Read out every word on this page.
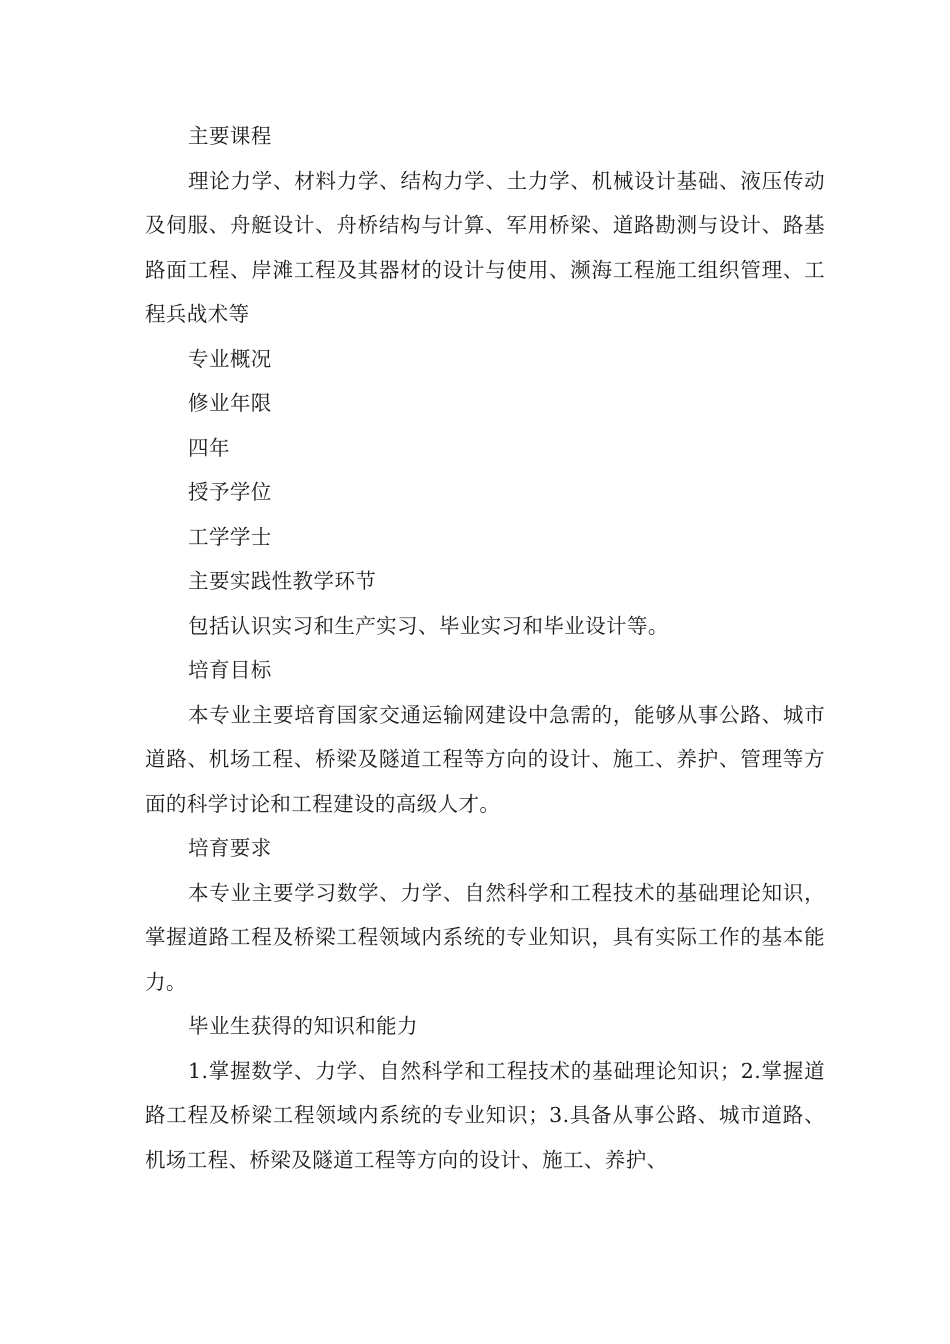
主要课程

理论力学、材料力学、结构力学、土力学、机械设计基础、液压传动及伺服、舟艇设计、舟桥结构与计算、军用桥梁、道路勘测与设计、路基路面工程、岸滩工程及其器材的设计与使用、濒海工程施工组织管理、工程兵战术等

专业概况

修业年限

四年

授予学位

工学学士

主要实践性教学环节

包括认识实习和生产实习、毕业实习和毕业设计等。

培育目标

本专业主要培育国家交通运输网建设中急需的，能够从事公路、城市道路、机场工程、桥梁及隧道工程等方向的设计、施工、养护、管理等方面的科学讨论和工程建设的高级人才。

培育要求

本专业主要学习数学、力学、自然科学和工程技术的基础理论知识，掌握道路工程及桥梁工程领域内系统的专业知识，具有实际工作的基本能力。

毕业生获得的知识和能力

1.掌握数学、力学、自然科学和工程技术的基础理论知识；2.掌握道路工程及桥梁工程领域内系统的专业知识；3.具备从事公路、城市道路、机场工程、桥梁及隧道工程等方向的设计、施工、养护、
